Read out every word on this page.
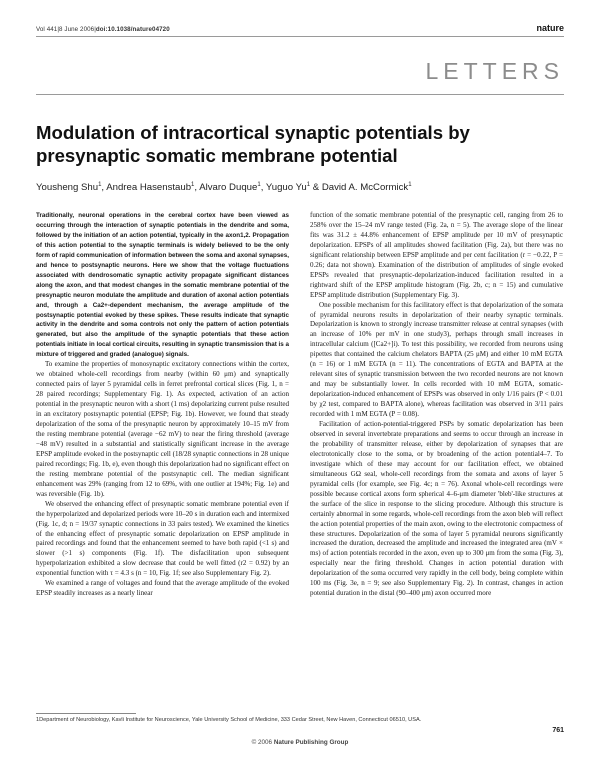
Vol 441|8 June 2006|doi:10.1038/nature04720	nature
LETTERS
Modulation of intracortical synaptic potentials by
presynaptic somatic membrane potential
Yousheng Shu$^1$, Andrea Hasenstaub$^1$, Alvaro Duque$^1$, Yuguo Yu$^1$ & David A. McCormick$^1$

Traditionally, neuronal operations in the cerebral cortex have been viewed as occurring through the interaction of synaptic potentials in the dendrite and soma, followed by the initiation of an action potential, typically in the axon1,2. Propagation of this action potential to the synaptic terminals is widely believed to be the only form of rapid communication of information between the soma and axonal synapses, and hence to postsynaptic neurons. Here we show that the voltage fluctuations associated with dendrosomatic synaptic activity propagate significant distances along the axon, and that modest changes in the somatic membrane potential of the presynaptic neuron modulate the amplitude and duration of axonal action potentials and, through a Ca2+-dependent mechanism, the average amplitude of the postsynaptic potential evoked by these spikes. These results indicate that synaptic activity in the dendrite and soma controls not only the pattern of action potentials generated, but also the amplitude of the synaptic potentials that these action potentials initiate in local cortical circuits, resulting in synaptic transmission that is a mixture of triggered and graded (analogue) signals.

To examine the properties of monosynaptic excitatory connections within the cortex, we obtained whole-cell recordings from nearby (within 60 μm) and synaptically connected pairs of layer 5 pyramidal cells in ferret prefrontal cortical slices (Fig. 1, n = 28 paired recordings; Supplementary Fig. 1). As expected, activation of an action potential in the presynaptic neuron with a short (1 ms) depolarizing current pulse resulted in an excitatory postsynaptic potential (EPSP; Fig. 1b). However, we found that steady depolarization of the soma of the presynaptic neuron by approximately 10–15 mV from the resting membrane potential (average −62 mV) to near the firing threshold (average −48 mV) resulted in a substantial and statistically significant increase in the average EPSP amplitude evoked in the postsynaptic cell (18/28 synaptic connections in 28 unique paired recordings; Fig. 1b, e), even though this depolarization had no significant effect on the resting membrane potential of the postsynaptic cell. The median significant enhancement was 29% (ranging from 12 to 69%, with one outlier at 194%; Fig. 1e) and was reversible (Fig. 1b).

We observed the enhancing effect of presynaptic somatic membrane potential even if the hyperpolarized and depolarized periods were 10–20 s in duration each and intermixed (Fig. 1c, d; n = 19/37 synaptic connections in 33 pairs tested). We examined the kinetics of the enhancing effect of presynaptic somatic depolarization on EPSP amplitude in paired recordings and found that the enhancement seemed to have both rapid (<1 s) and slower (>1 s) components (Fig. 1f). The disfacilitation upon subsequent hyperpolarization exhibited a slow decrease that could be well fitted (r2 = 0.92) by an exponential function with τ = 4.3 s (n = 10, Fig. 1f; see also Supplementary Fig. 2).

We examined a range of voltages and found that the average amplitude of the evoked EPSP steadily increases as a nearly linear

function of the somatic membrane potential of the presynaptic cell, ranging from 26 to 258% over the 15–24 mV range tested (Fig. 2a, n = 5). The average slope of the linear fits was 31.2 ± 44.8% enhancement of EPSP amplitude per 10 mV of presynaptic depolarization. EPSPs of all amplitudes showed facilitation (Fig. 2a), but there was no significant relationship between EPSP amplitude and per cent facilitation (r = −0.22, P = 0.26; data not shown). Examination of the distribution of amplitudes of single evoked EPSPs revealed that presynaptic-depolarization-induced facilitation resulted in a rightward shift of the EPSP amplitude histogram (Fig. 2b, c; n = 15) and cumulative EPSP amplitude distribution (Supplementary Fig. 3).

One possible mechanism for this facilitatory effect is that depolarization of the somata of pyramidal neurons results in depolarization of their nearby synaptic terminals. Depolarization is known to strongly increase transmitter release at central synapses (with an increase of 10% per mV in one study3), perhaps through small increases in intracellular calcium ([Ca2+]i). To test this possibility, we recorded from neurons using pipettes that contained the calcium chelators BAPTA (25 μM) and either 10 mM EGTA (n = 16) or 1 mM EGTA (n = 11). The concentrations of EGTA and BAPTA at the relevant sites of synaptic transmission between the two recorded neurons are not known and may be substantially lower. In cells recorded with 10 mM EGTA, somatic-depolarization-induced enhancement of EPSPs was observed in only 1/16 pairs (P < 0.01 by χ2 test, compared to BAPTA alone), whereas facilitation was observed in 3/11 pairs recorded with 1 mM EGTA (P = 0.08).

Facilitation of action-potential-triggered PSPs by somatic depolarization has been observed in several invertebrate preparations and seems to occur through an increase in the probability of transmitter release, either by depolarization of synapses that are electrotonically close to the soma, or by broadening of the action potential4–7. To investigate which of these may account for our facilitation effect, we obtained simultaneous GΩ seal, whole-cell recordings from the somata and axons of layer 5 pyramidal cells (for example, see Fig. 4c; n = 76). Axonal whole-cell recordings were possible because cortical axons form spherical 4–6-μm diameter 'bleb'-like structures at the surface of the slice in response to the slicing procedure. Although this structure is certainly abnormal in some regards, whole-cell recordings from the axon bleb will reflect the action potential properties of the main axon, owing to the electrotonic compactness of these structures. Depolarization of the soma of layer 5 pyramidal neurons significantly increased the duration, decreased the amplitude and increased the integrated area (mV × ms) of action potentials recorded in the axon, even up to 300 μm from the soma (Fig. 3), especially near the firing threshold. Changes in action potential duration with depolarization of the soma occurred very rapidly in the cell body, being complete within 100 ms (Fig. 3e, n = 9; see also Supplementary Fig. 2). In contrast, changes in action potential duration in the distal (90–400 μm) axon occurred more

1Department of Neurobiology, Kavli Institute for Neuroscience, Yale University School of Medicine, 333 Cedar Street, New Haven, Connecticut 06510, USA.
761
© 2006 Nature Publishing Group
